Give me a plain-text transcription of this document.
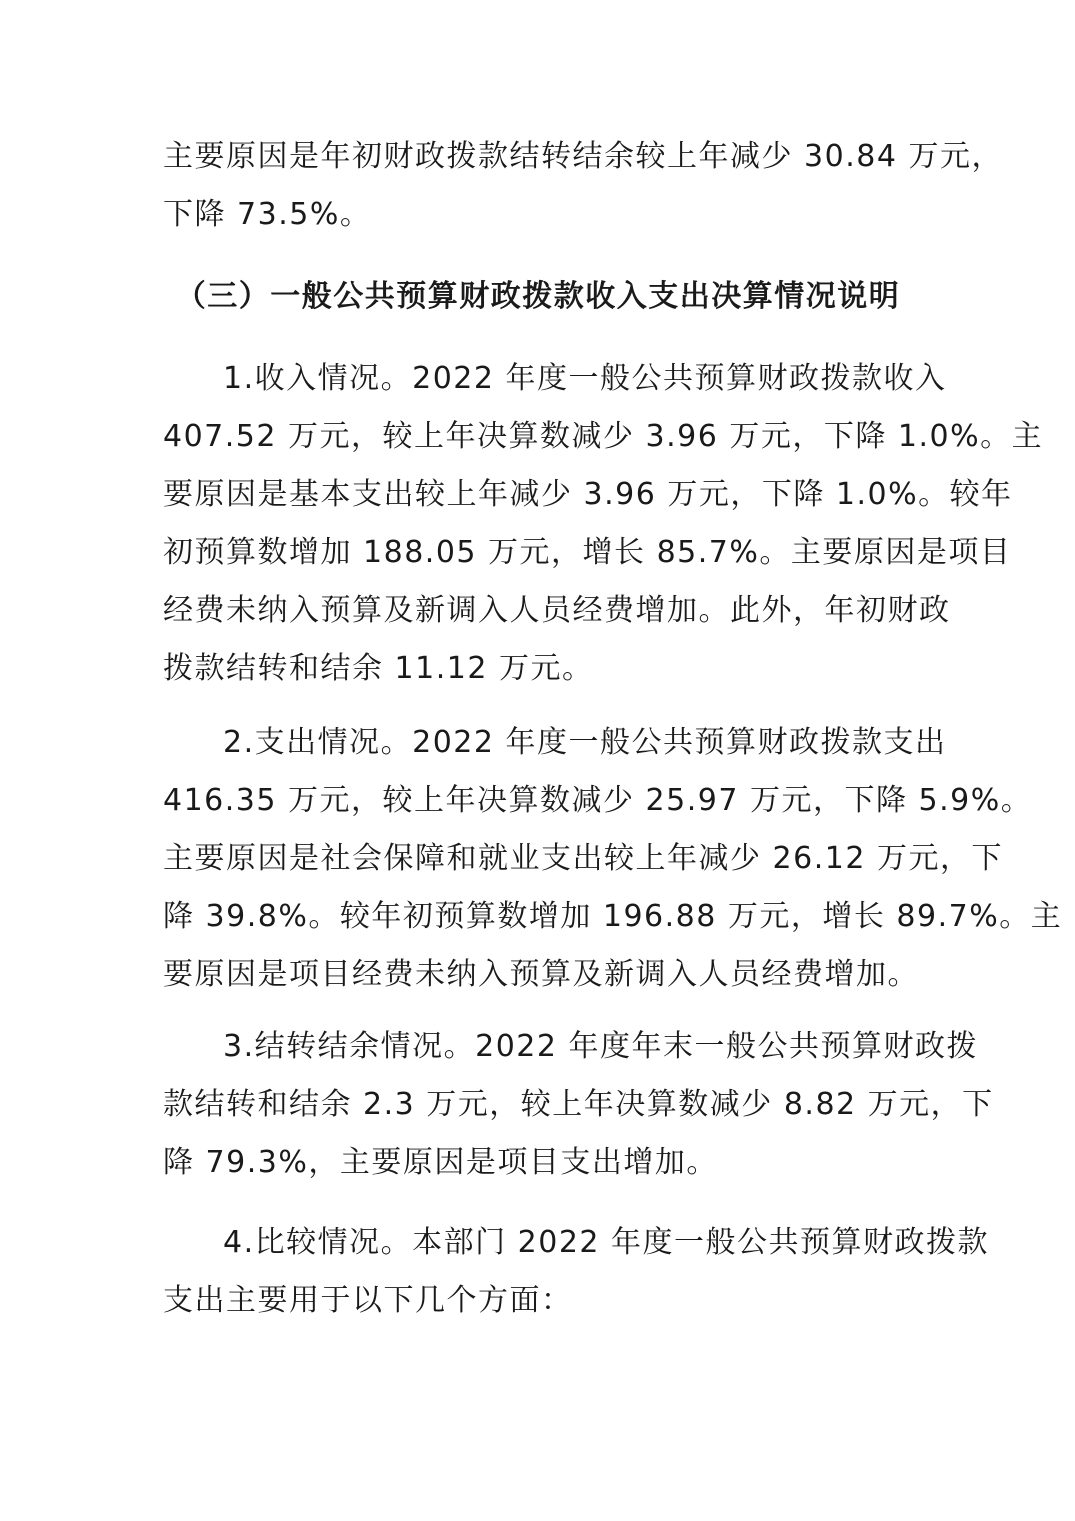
主要原因是年初财政拨款结转结余较上年减少 30.84 万元，
下降 73.5%。

（三）一般公共预算财政拨款收入支出决算情况说明

1.收入情况。2022 年度一般公共预算财政拨款收入
407.52 万元，较上年决算数减少 3.96 万元，下降 1.0%。主
要原因是基本支出较上年减少 3.96 万元，下降 1.0%。较年
初预算数增加 188.05 万元，增长 85.7%。主要原因是项目
经费未纳入预算及新调入人员经费增加。此外，年初财政
拨款结转和结余 11.12 万元。

2.支出情况。2022 年度一般公共预算财政拨款支出
416.35 万元，较上年决算数减少 25.97 万元，下降 5.9%。
主要原因是社会保障和就业支出较上年减少 26.12 万元，下
降 39.8%。较年初预算数增加 196.88 万元，增长 89.7%。主
要原因是项目经费未纳入预算及新调入人员经费增加。

3.结转结余情况。2022 年度年末一般公共预算财政拨
款结转和结余 2.3 万元，较上年决算数减少 8.82 万元，下
降 79.3%，主要原因是项目支出增加。

4.比较情况。本部门 2022 年度一般公共预算财政拨款
支出主要用于以下几个方面：
